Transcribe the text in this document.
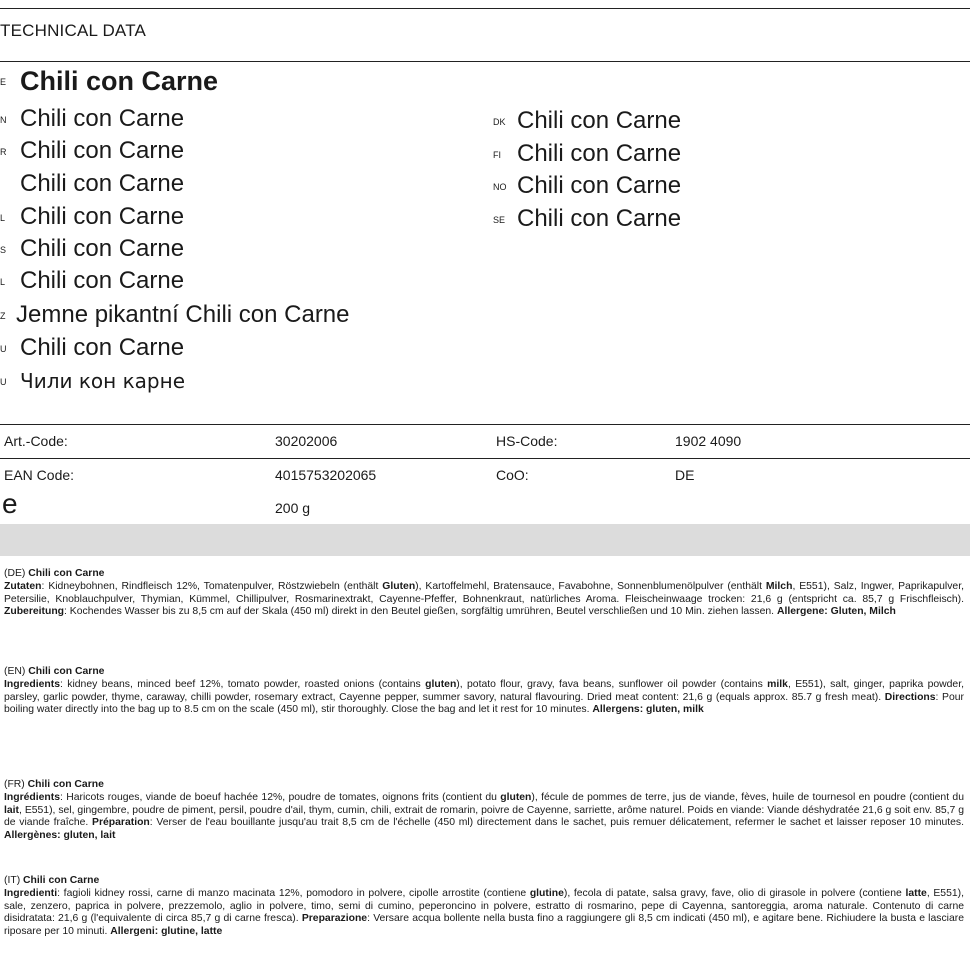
TECHNICAL DATA
E Chili con Carne
N Chili con Carne
R Chili con Carne
Chili con Carne
L Chili con Carne
S Chili con Carne
L Chili con Carne
Z Jemne pikantní Chili con Carne
U Chili con Carne
U Чили кон карне
DK Chili con Carne
FI Chili con Carne
NO Chili con Carne
SE Chili con Carne
Art.-Code:	30202006	HS-Code:	1902 4090
EAN Code:	4015753202065	CoO:	DE
e	200 g
(DE) Chili con Carne

Zutaten: Kidneybohnen, Rindfleisch 12%, Tomatenpulver, Röstzwiebeln (enthält Gluten), Kartoffelmehl, Bratensauce, Favabohne, Sonnenblumenölpulver (enthält Milch, E551), Salz, Ingwer, Paprikapulver, Petersilie, Knoblauchpulver, Thymian, Kümmel, Chillipulver, Rosmarinextrakt, Cayenne-Pfeffer, Bohnenkraut, natürliches Aroma. Fleischeinwaage trocken: 21,6 g (entspricht ca. 85,7 g Frischfleisch). Zubereitung: Kochendes Wasser bis zu 8,5 cm auf der Skala (450 ml) direkt in den Beutel gießen, sorgfältig umrühren, Beutel verschließen und 10 Min. ziehen lassen. Allergene: Gluten, Milch

(EN) Chili con Carne

Ingredients: kidney beans, minced beef 12%, tomato powder, roasted onions (contains gluten), potato flour, gravy, fava beans, sunflower oil powder (contains milk, E551), salt, ginger, paprika powder, parsley, garlic powder, thyme, caraway, chilli powder, rosemary extract, Cayenne pepper, summer savory, natural flavouring. Dried meat content: 21,6 g (equals approx. 85.7 g fresh meat). Directions: Pour boiling water directly into the bag up to 8.5 cm on the scale (450 ml), stir thoroughly. Close the bag and let it rest for 10 minutes. Allergens: gluten, milk

(FR) Chili con Carne

Ingrédients: Haricots rouges, viande de boeuf hachée 12%, poudre de tomates, oignons frits (contient du gluten), fécule de pommes de terre, jus de viande, fèves, huile de tournesol en poudre (contient du lait, E551), sel, gingembre, poudre de piment, persil, poudre d'ail, thym, cumin, chili, extrait de romarin, poivre de Cayenne, sarriette, arôme naturel. Poids en viande: Viande déshydratée 21,6 g soit env. 85,7 g de viande fraîche. Préparation: Verser de l'eau bouillante jusqu'au trait 8,5 cm de l'échelle (450 ml) directement dans le sachet, puis remuer délicatement, refermer le sachet et laisser reposer 10 minutes. Allergènes: gluten, lait

(IT) Chili con Carne

Ingredienti: fagioli kidney rossi, carne di manzo macinata 12%, pomodoro in polvere, cipolle arrostite (contiene glutine), fecola di patate, salsa gravy, fave, olio di girasole in polvere (contiene latte, E551), sale, zenzero, paprica in polvere, prezzemolo, aglio in polvere, timo, semi di cumino, peperoncino in polvere, estratto di rosmarino, pepe di Cayenna, santoreggia, aroma naturale. Contenuto di carne disidratata: 21,6 g (l'equivalente di circa 85,7 g di carne fresca). Preparazione: Versare acqua bollente nella busta fino a raggiungere gli 8,5 cm indicati (450 ml), e agitare bene. Richiudere la busta e lasciare riposare per 10 minuti. Allergeni: glutine, latte
